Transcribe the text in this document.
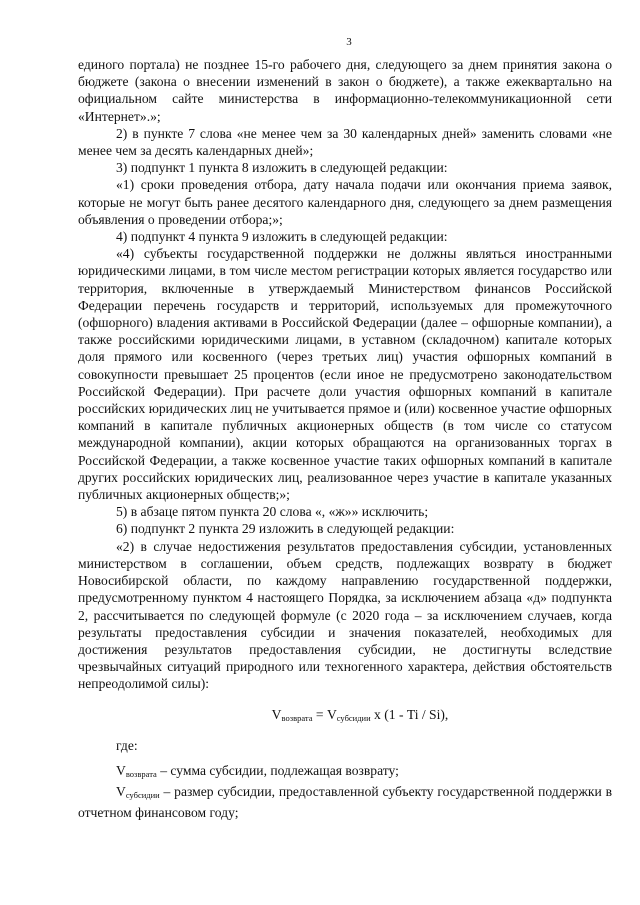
3

единого портала) не позднее 15-го рабочего дня, следующего за днем принятия закона о бюджете (закона о внесении изменений в закон о бюджете), а также ежеквартально на официальном сайте министерства в информационно-телекоммуникационной сети «Интернет».»;

2) в пункте 7 слова «не менее чем за 30 календарных дней» заменить словами «не менее чем за десять календарных дней»;

3) подпункт 1 пункта 8 изложить в следующей редакции:

«1) сроки проведения отбора, дату начала подачи или окончания приема заявок, которые не могут быть ранее десятого календарного дня, следующего за днем размещения объявления о проведении отбора;»;

4) подпункт 4 пункта 9 изложить в следующей редакции:

«4) субъекты государственной поддержки не должны являться иностранными юридическими лицами, в том числе местом регистрации которых является государство или территория, включенные в утверждаемый Министерством финансов Российской Федерации перечень государств и территорий, используемых для промежуточного (офшорного) владения активами в Российской Федерации (далее – офшорные компании), а также российскими юридическими лицами, в уставном (складочном) капитале которых доля прямого или косвенного (через третьих лиц) участия офшорных компаний в совокупности превышает 25 процентов (если иное не предусмотрено законодательством Российской Федерации). При расчете доли участия офшорных компаний в капитале российских юридических лиц не учитывается прямое и (или) косвенное участие офшорных компаний в капитале публичных акционерных обществ (в том числе со статусом международной компании), акции которых обращаются на организованных торгах в Российской Федерации, а также косвенное участие таких офшорных компаний в капитале других российских юридических лиц, реализованное через участие в капитале указанных публичных акционерных обществ;»;

5) в абзаце пятом пункта 20 слова «, «ж»» исключить;

6) подпункт 2 пункта 29 изложить в следующей редакции:

«2) в случае недостижения результатов предоставления субсидии, установленных министерством в соглашении, объем средств, подлежащих возврату в бюджет Новосибирской области, по каждому направлению государственной поддержки, предусмотренному пунктом 4 настоящего Порядка, за исключением абзаца «д» подпункта 2, рассчитывается по следующей формуле (с 2020 года – за исключением случаев, когда результаты предоставления субсидии и значения показателей, необходимых для достижения результатов предоставления субсидии, не достигнуты вследствие чрезвычайных ситуаций природного или техногенного характера, действия обстоятельств непреодолимой силы):

$V_{возврата} = V_{субсидии}$ х (1 - Ti / Si),

где:

$V_{возврата}$ – сумма субсидии, подлежащая возврату;

$V_{субсидии}$ – размер субсидии, предоставленной субъекту государственной поддержки в отчетном финансовом году;
